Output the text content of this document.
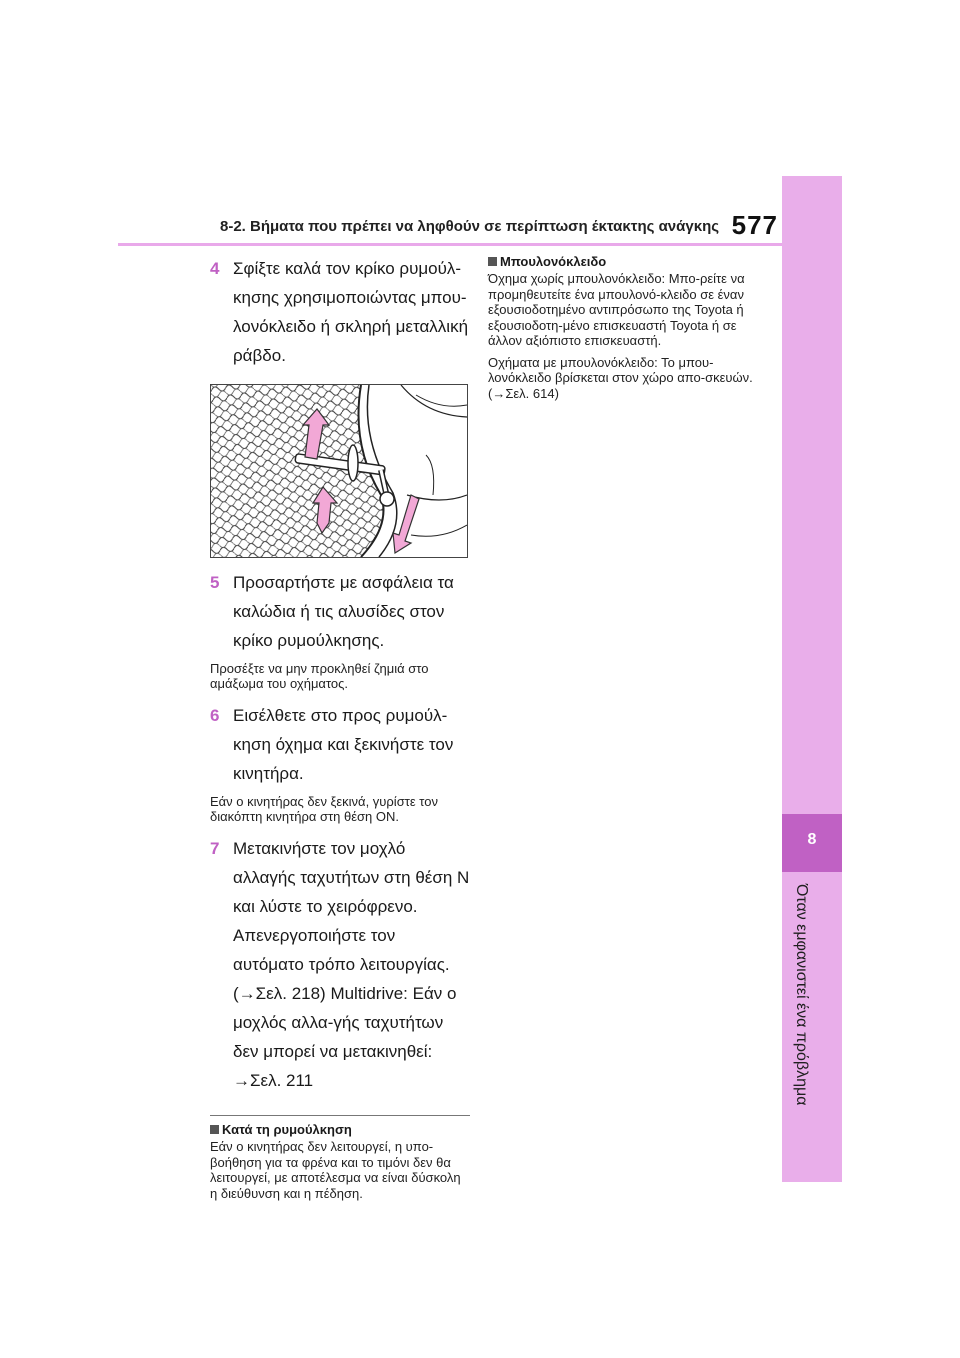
8-2. Βήματα που πρέπει να ληφθούν σε περίπτωση έκτακτης ανάγκης 577
8
Όταν εμφανιστεί ένα πρόβλημα
4 Σφίξτε καλά τον κρίκο ρυμούλ-κησης χρησιμοποιώντας μπου-λονόκλειδο ή σκληρή μεταλλική ράβδο.
5 Προσαρτήστε με ασφάλεια τα καλώδια ή τις αλυσίδες στον κρίκο ρυμούλκησης.
Προσέξτε να μην προκληθεί ζημιά στο αμάξωμα του οχήματος.
6 Εισέλθετε στο προς ρυμούλ-κηση όχημα και ξεκινήστε τον κινητήρα.
Εάν ο κινητήρας δεν ξεκινά, γυρίστε τον διακόπτη κινητήρα στη θέση ON.
7 Μετακινήστε τον μοχλό αλλαγής ταχυτήτων στη θέση N και λύστε το χειρόφρενο.
Απενεργοποιήστε τον αυτόματο τρόπο λειτουργίας. (→Σελ. 218) Multidrive: Εάν ο μοχλός αλλα-γής ταχυτήτων δεν μπορεί να μετακινηθεί: →Σελ. 211
Κατά τη ρυμούλκηση
Εάν ο κινητήρας δεν λειτουργεί, η υπο-βοήθηση για τα φρένα και το τιμόνι δεν θα λειτουργεί, με αποτέλεσμα να είναι δύσκολη η διεύθυνση και η πέδηση.
Μπουλονόκλειδο
Όχημα χωρίς μπουλονόκλειδο: Μπο-ρείτε να προμηθευτείτε ένα μπουλονό-κλειδο σε έναν εξουσιοδοτημένο αντιπρόσωπο της Toyota ή εξουσιοδοτη-μένο επισκευαστή Toyota ή σε άλλον αξιόπιστο επισκευαστή.
Οχήματα με μπουλονόκλειδο: Το μπου-λονόκλειδο βρίσκεται στον χώρο απο-σκευών. (→Σελ. 614)
